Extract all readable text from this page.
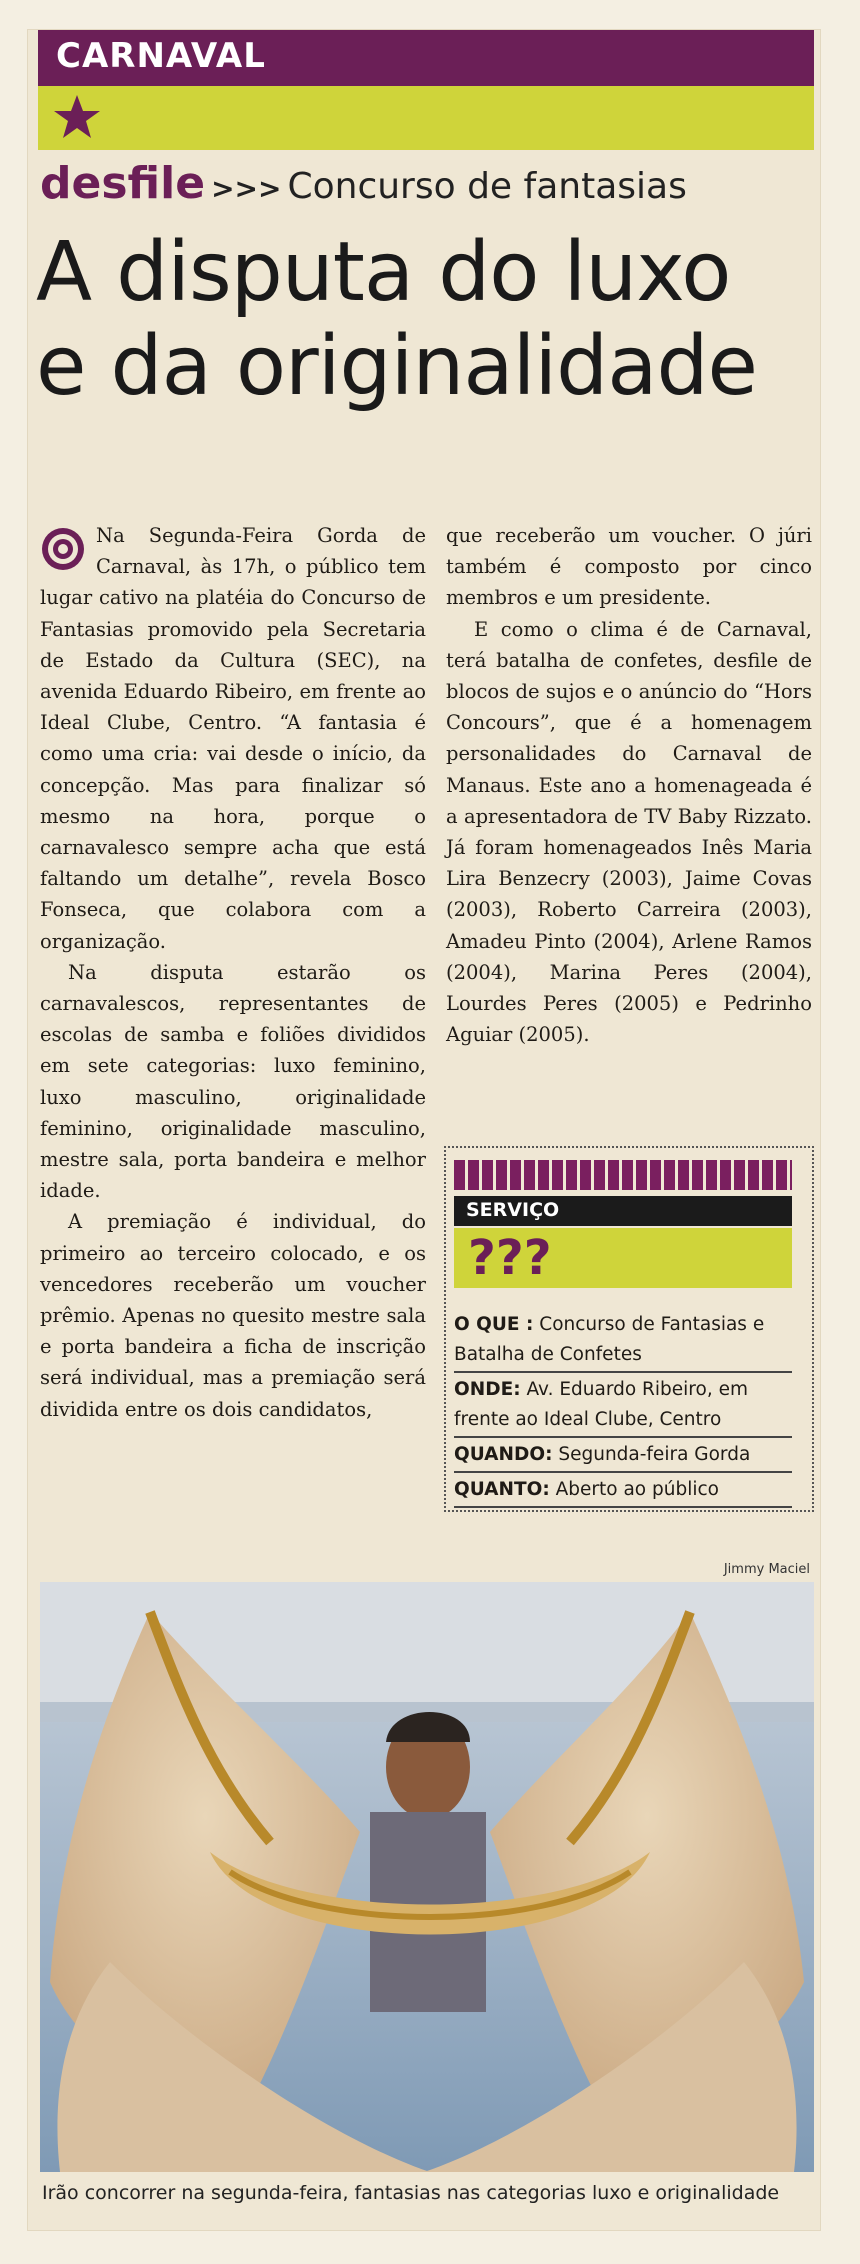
CARNAVAL
desfile >>> Concurso de fantasias
A disputa do luxo
e da originalidade

Na Segunda-Feira Gorda de Carnaval, às 17h, o público tem lugar cativo na platéia do Concurso de Fantasias promovido pela Secretaria de Estado da Cultura (SEC), na avenida Eduardo Ribeiro, em frente ao Ideal Clube, Centro. “A fantasia é como uma cria: vai desde o início, da concepção. Mas para finalizar só mesmo na hora, porque o carnavalesco sempre acha que está faltando um detalhe”, revela Bosco Fonseca, que colabora com a organização.

Na disputa estarão os carnavalescos, representantes de escolas de samba e foliões divididos em sete categorias: luxo feminino, luxo masculino, originalidade feminino, originalidade masculino, mestre sala, porta bandeira e melhor idade.

A premiação é individual, do primeiro ao terceiro colocado, e os vencedores receberão um voucher prêmio. Apenas no quesito mestre sala e porta bandeira a ficha de inscrição será individual, mas a premiação será dividida entre os dois candidatos,

que receberão um voucher. O júri também é composto por cinco membros e um presidente.

E como o clima é de Carnaval, terá batalha de confetes, desfile de blocos de sujos e o anúncio do “Hors Concours”, que é a homenagem personalidades do Carnaval de Manaus. Este ano a homenageada é a apresentadora de TV Baby Rizzato. Já foram homenageados Inês Maria Lira Benzecry (2003), Jaime Covas (2003), Roberto Carreira (2003), Amadeu Pinto (2004), Arlene Ramos (2004), Marina Peres (2004), Lourdes Peres (2005) e Pedrinho Aguiar (2005).

SERVIÇO
???
O QUE : Concurso de Fantasias e Batalha de Confetes
ONDE: Av. Eduardo Ribeiro, em frente ao Ideal Clube, Centro
QUANDO: Segunda-feira Gorda
QUANTO: Aberto ao público
Jimmy Maciel
Irão concorrer na segunda-feira, fantasias nas categorias luxo e originalidade
